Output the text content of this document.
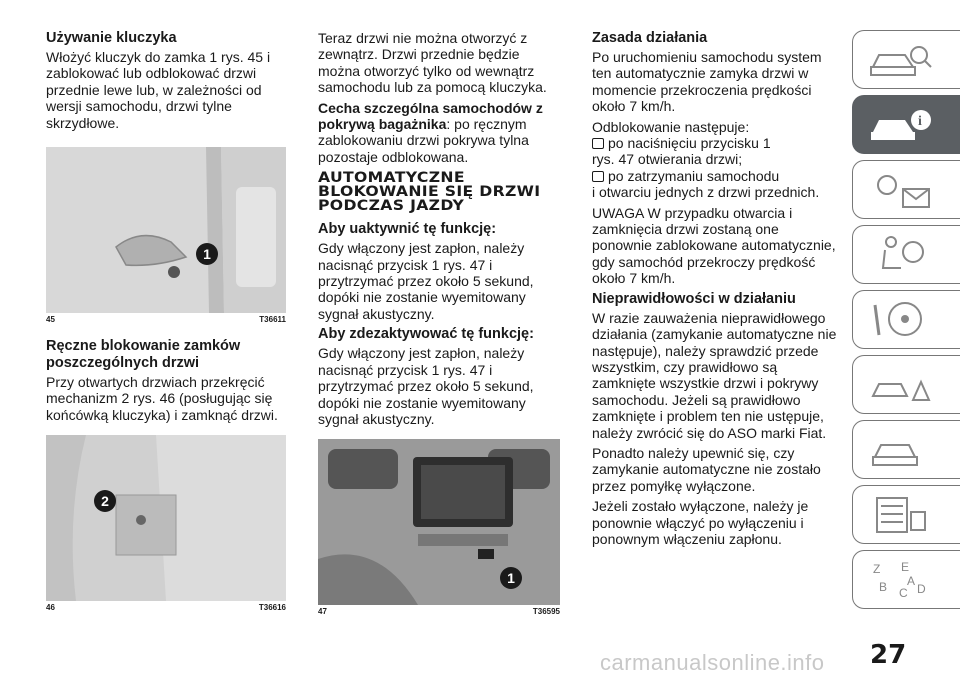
Używanie kluczyka

Włożyć kluczyk do zamka 1 rys. 45 i zablokować lub odblokować drzwi przednie lewe lub, w zależności od wersji samochodu, drzwi tylne skrzydłowe.

1
45	T36611
Ręczne blokowanie zamków poszczególnych drzwi

Przy otwartych drzwiach przekręcić mechanizm 2 rys. 46 (posługując się końcówką kluczyka) i zamknąć drzwi.

2
46	T36616

Teraz drzwi nie można otworzyć z zewnątrz. Drzwi przednie będzie można otworzyć tylko od wewnątrz samochodu lub za pomocą kluczyka.

Cecha szczególna samochodów z pokrywą bagażnika: po ręcznym zablokowaniu drzwi pokrywa tylna pozostaje odblokowana.

AUTOMATYCZNE BLOKOWANIE SIĘ DRZWI PODCZAS JAZDY
Aby uaktywnić tę funkcję:

Gdy włączony jest zapłon, należy nacisnąć przycisk 1 rys. 47 i przytrzymać przez około 5 sekund, dopóki nie zostanie wyemitowany sygnał akustyczny.

Aby zdezaktywować tę funkcję:

Gdy włączony jest zapłon, należy nacisnąć przycisk 1 rys. 47 i przytrzymać przez około 5 sekund, dopóki nie zostanie wyemitowany sygnał akustyczny.

1
47	T36595
Zasada działania

Po uruchomieniu samochodu system ten automatycznie zamyka drzwi w momencie przekroczenia prędkości około 7 km/h.

Odblokowanie następuje:

po naciśnięciu przycisku 1

rys. 47 otwierania drzwi;

po zatrzymaniu samochodu

i otwarciu jednych z drzwi przednich.

UWAGA W przypadku otwarcia i zamknięcia drzwi zostaną one ponownie zablokowane automatycznie, gdy samochód przekroczy prędkość około 7 km/h.

Nieprawidłowości w działaniu

W razie zauważenia nieprawidłowego działania (zamykanie automatyczne nie następuje), należy sprawdzić przede wszystkim, czy prawidłowo są zamknięte wszystkie drzwi i pokrywy samochodu. Jeżeli są prawidłowo zamknięte i problem ten nie ustępuje, należy zwrócić się do ASO marki Fiat.

Ponadto należy upewnić się, czy zamykanie automatyczne nie zostało przez pomyłkę wyłączone.

Jeżeli zostało wyłączone, należy je ponownie włączyć po wyłączeniu i ponownym włączeniu zapłonu.

i
Z E
B C D
A
27
carmanualsonline.info
